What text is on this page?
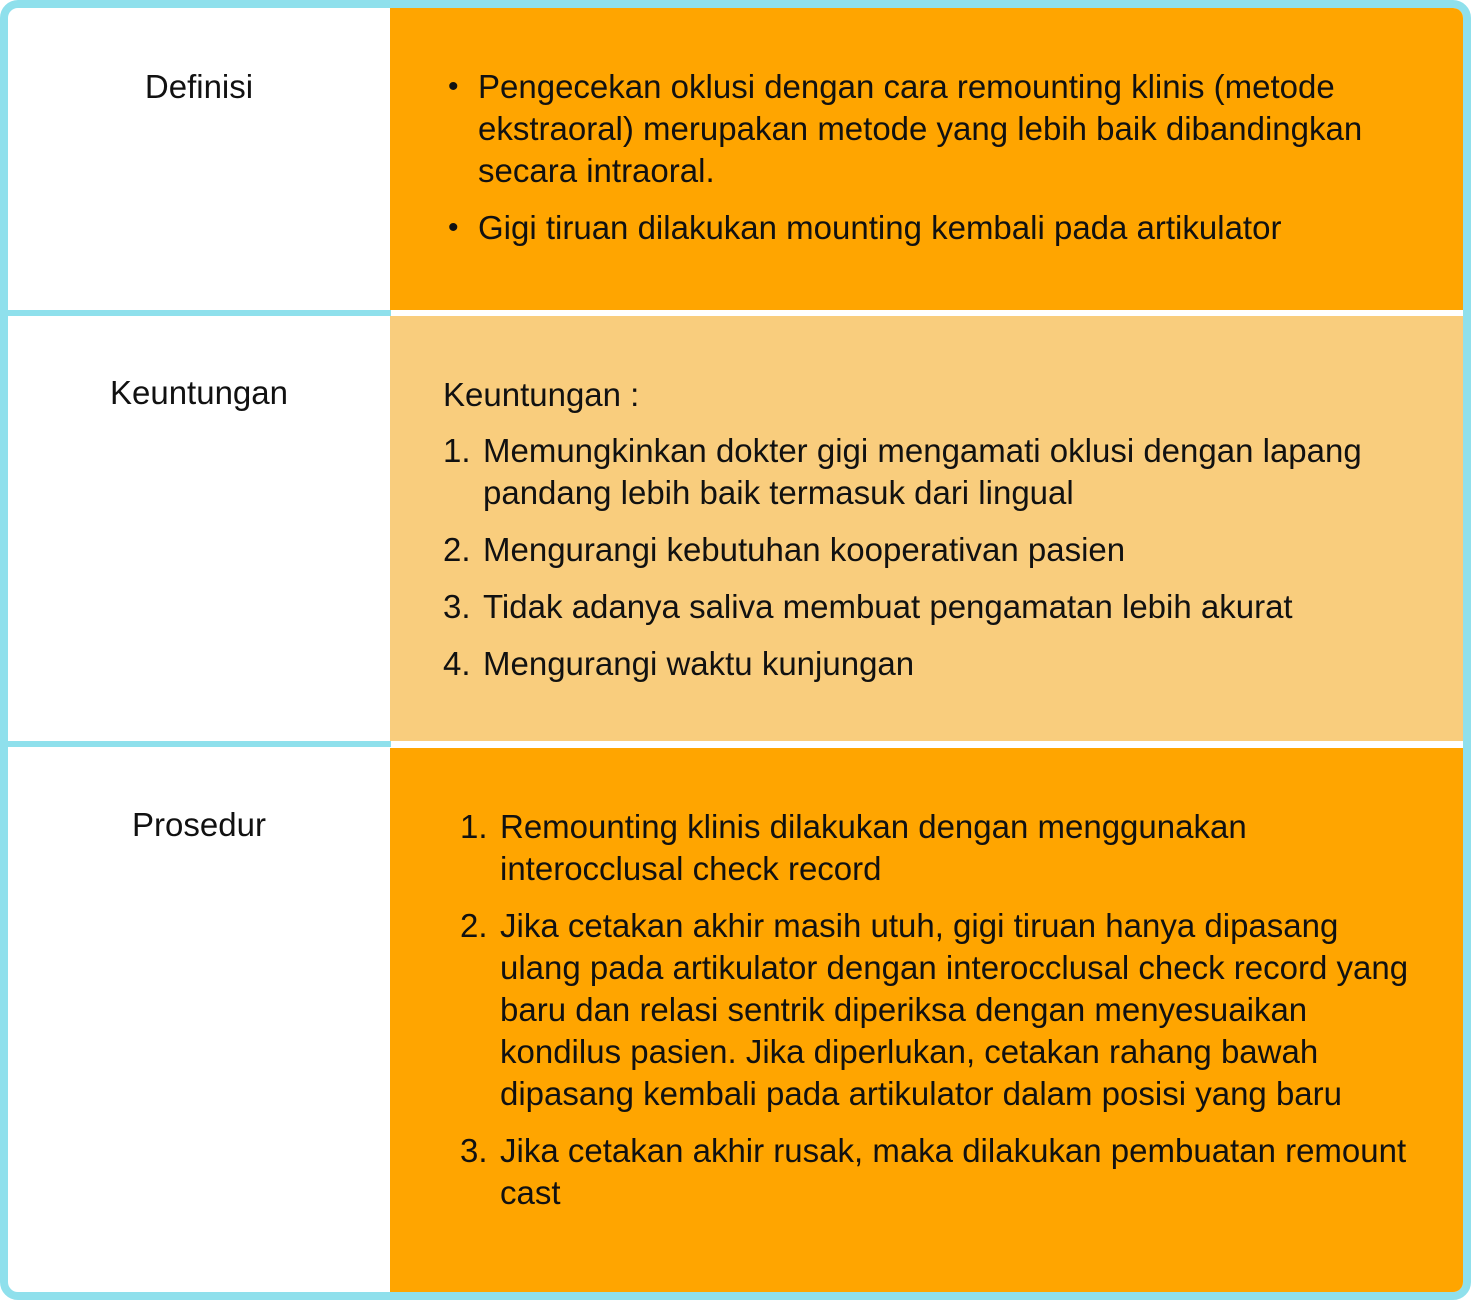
Definisi	• Pengecekan oklusi dengan cara remounting klinis (metode ekstraoral) merupakan metode yang lebih baik dibandingkan secara intraoral.
• Gigi tiruan dilakukan mounting kembali pada artikulator
Keuntungan	Keuntungan :
1. Memungkinkan dokter gigi mengamati oklusi dengan lapang pandang lebih baik termasuk dari lingual
2. Mengurangi kebutuhan kooperativan pasien
3. Tidak adanya saliva membuat pengamatan lebih akurat
4. Mengurangi waktu kunjungan
Prosedur	1. Remounting klinis dilakukan dengan menggunakan interocclusal check record
2. Jika cetakan akhir masih utuh, gigi tiruan hanya dipasang ulang pada artikulator dengan interocclusal check record yang baru dan relasi sentrik diperiksa dengan menyesuaikan kondilus pasien. Jika diperlukan, cetakan rahang bawah dipasang kembali pada artikulator dalam posisi yang baru
3. Jika cetakan akhir rusak, maka dilakukan pembuatan remount cast
